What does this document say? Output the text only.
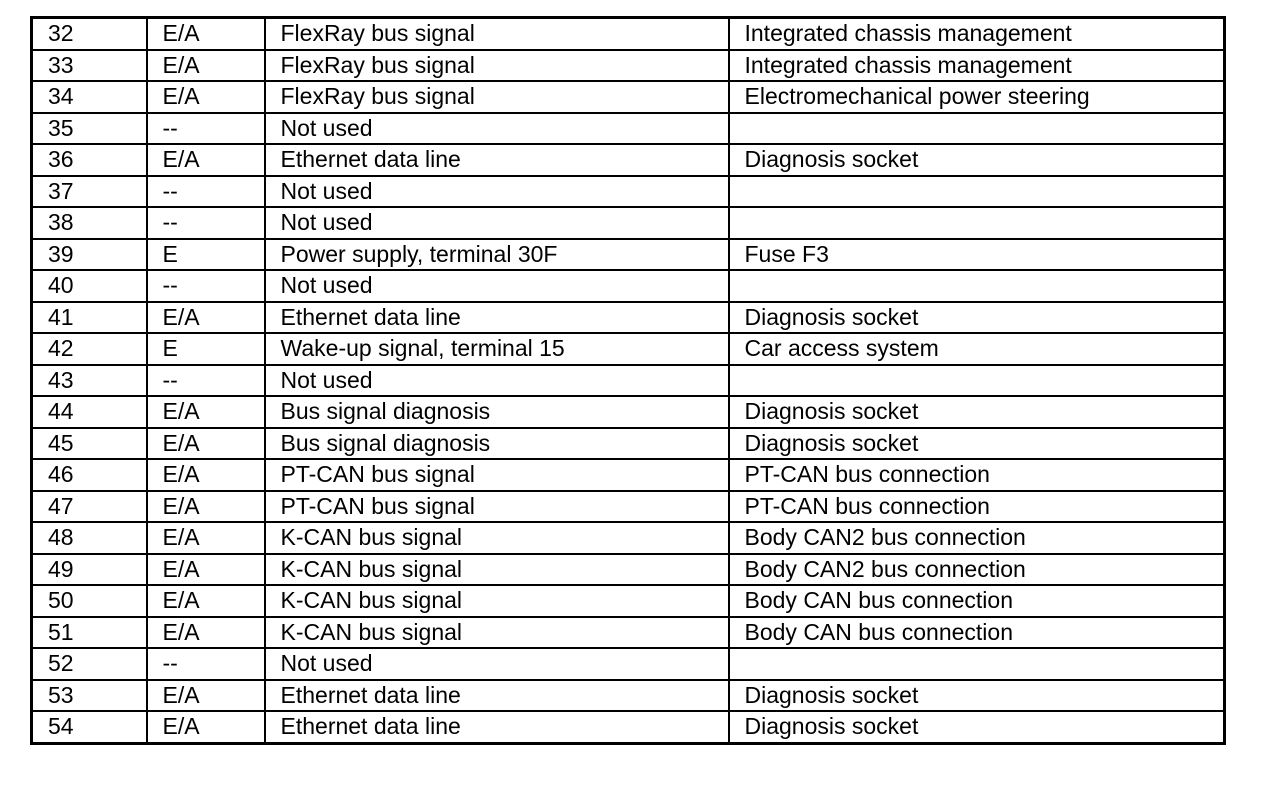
32	E/A	FlexRay bus signal	Integrated chassis management
33	E/A	FlexRay bus signal	Integrated chassis management
34	E/A	FlexRay bus signal	Electromechanical power steering
35	--	Not used	
36	E/A	Ethernet data line	Diagnosis socket
37	--	Not used	
38	--	Not used	
39	E	Power supply, terminal 30F	Fuse F3
40	--	Not used	
41	E/A	Ethernet data line	Diagnosis socket
42	E	Wake-up signal, terminal 15	Car access system
43	--	Not used	
44	E/A	Bus signal diagnosis	Diagnosis socket
45	E/A	Bus signal diagnosis	Diagnosis socket
46	E/A	PT-CAN bus signal	PT-CAN bus connection
47	E/A	PT-CAN bus signal	PT-CAN bus connection
48	E/A	K-CAN bus signal	Body CAN2 bus connection
49	E/A	K-CAN bus signal	Body CAN2 bus connection
50	E/A	K-CAN bus signal	Body CAN bus connection
51	E/A	K-CAN bus signal	Body CAN bus connection
52	--	Not used	
53	E/A	Ethernet data line	Diagnosis socket
54	E/A	Ethernet data line	Diagnosis socket
